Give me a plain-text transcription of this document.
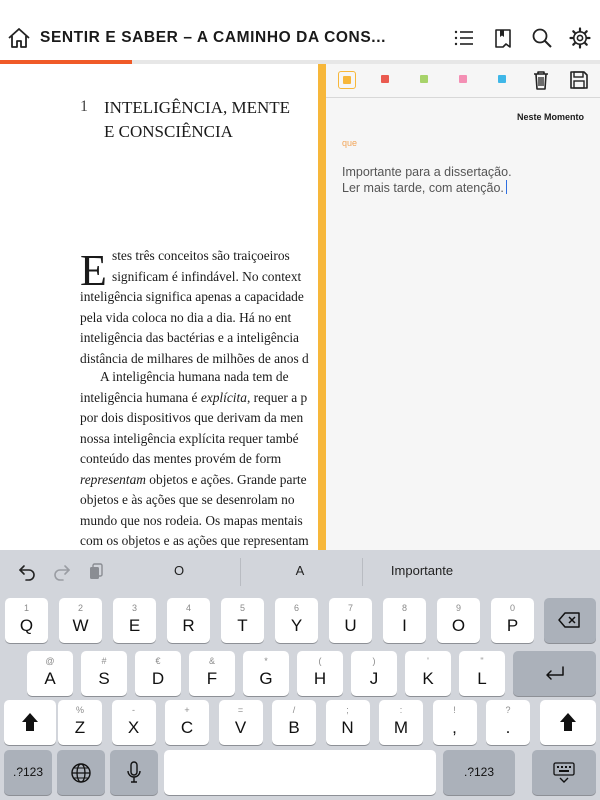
SENTIR E SABER – A CAMINHO DA CONS...
1 INTELIGÊNCIA, MENTE
E CONSCIÊNCIA
E stes três conceitos são traiçoeiros
significam é infindável. No context
inteligência significa apenas a capacidade
pela vida coloca no dia a dia. Há no ent
inteligência das bactérias e a inteligência
distância de milhares de milhões de anos d
A inteligência humana nada tem de
inteligência humana é explícita, requer a p
por dois dispositivos que derivam da men
nossa inteligência explícita requer també
conteúdo das mentes provém de form
representam objetos e ações. Grande parte
objetos e às ações que se desenrolam no
mundo que nos rodeia. Os mapas mentais
com os objetos e as ações que representam
Neste Momento
que
Importante para a dissertação.
Ler mais tarde, com atenção.
O	A	Importante
1
Q
2
W
3
E
4
R
5
T
6
Y
7
U
8
I
9
O
0
P
@
A
#
S
€
D
&
F
*
G
(
H
)
J
'
K
"
L
%
Z
-
X
+
C
=
V
/
B
;
N
:
M
!
,
?
.
.?123	.?123
